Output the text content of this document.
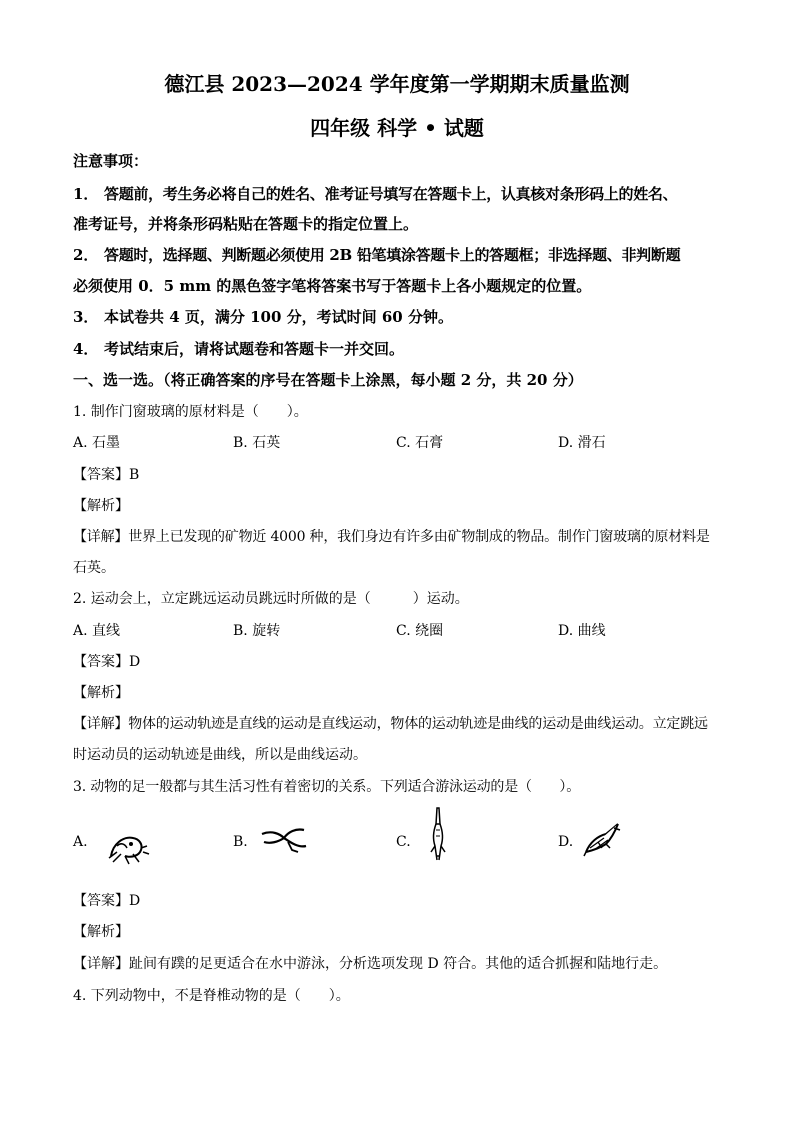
德江县 2023—2024 学年度第一学期期末质量监测
四年级 科学 • 试题
注意事项：
1． 答题前，考生务必将自己的姓名、准考证号填写在答题卡上，认真核对条形码上的姓名、
准考证号，并将条形码粘贴在答题卡的指定位置上。
2． 答题时，选择题、判断题必须使用 2B 铅笔填涂答题卡上的答题框；非选择题、非判断题
必须使用 0．5 mm 的黑色签字笔将答案书写于答题卡上各小题规定的位置。
3． 本试卷共 4 页，满分 100 分，考试时间 60 分钟。
4． 考试结束后，请将试题卷和答题卡一并交回。
一、选一选。（将正确答案的序号在答题卡上涂黑，每小题 2 分，共 20 分）
1. 制作门窗玻璃的原材料是（　　）。
A. 石墨	B. 石英	C. 石膏	D. 滑石
【答案】B
【解析】
【详解】世界上已发现的矿物近 4000 种，我们身边有许多由矿物制成的物品。制作门窗玻璃的原材料是
石英。
2. 运动会上，立定跳远运动员跳远时所做的是（　　　）运动。
A. 直线	B. 旋转	C. 绕圈	D. 曲线
【答案】D
【解析】
【详解】物体的运动轨迹是直线的运动是直线运动，物体的运动轨迹是曲线的运动是曲线运动。立定跳远
时运动员的运动轨迹是曲线，所以是曲线运动。
3. 动物的足一般都与其生活习性有着密切的关系。下列适合游泳运动的是（　　）。
A.	B.	C.	D.
【答案】D
【解析】
【详解】趾间有蹼的足更适合在水中游泳，分析选项发现 D 符合。其他的适合抓握和陆地行走。
4. 下列动物中，不是脊椎动物的是（　　）。
